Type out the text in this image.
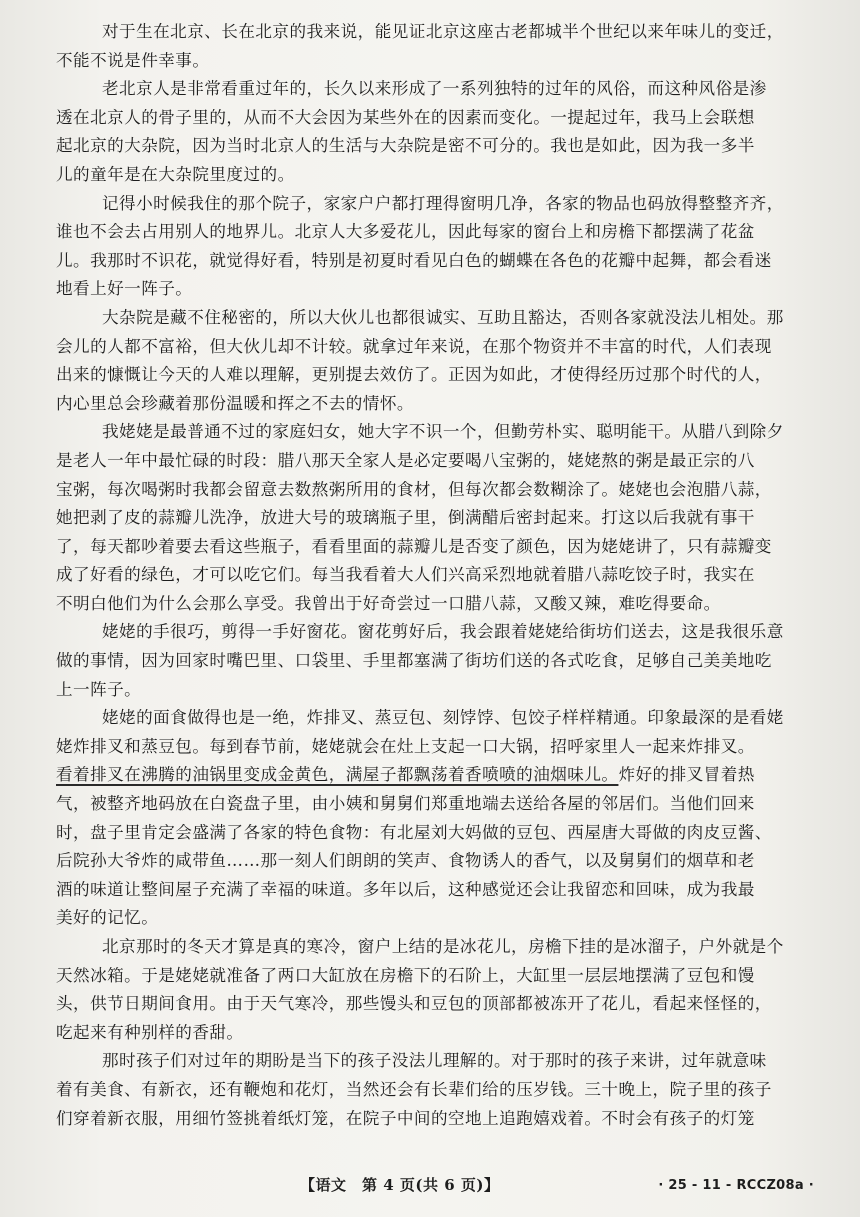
对于生在北京、长在北京的我来说，能见证北京这座古老都城半个世纪以来年味儿的变迁，
不能不说是件幸事。
老北京人是非常看重过年的，长久以来形成了一系列独特的过年的风俗，而这种风俗是渗
透在北京人的骨子里的，从而不大会因为某些外在的因素而变化。一提起过年，我马上会联想
起北京的大杂院，因为当时北京人的生活与大杂院是密不可分的。我也是如此，因为我一多半
儿的童年是在大杂院里度过的。
记得小时候我住的那个院子，家家户户都打理得窗明几净，各家的物品也码放得整整齐齐，
谁也不会去占用别人的地界儿。北京人大多爱花儿，因此每家的窗台上和房檐下都摆满了花盆
儿。我那时不识花，就觉得好看，特别是初夏时看见白色的蝴蝶在各色的花瓣中起舞，都会看迷
地看上好一阵子。
大杂院是藏不住秘密的，所以大伙儿也都很诚实、互助且豁达，否则各家就没法儿相处。那
会儿的人都不富裕，但大伙儿却不计较。就拿过年来说，在那个物资并不丰富的时代，人们表现
出来的慷慨让今天的人难以理解，更别提去效仿了。正因为如此，才使得经历过那个时代的人，
内心里总会珍藏着那份温暖和挥之不去的情怀。
我姥姥是最普通不过的家庭妇女，她大字不识一个，但勤劳朴实、聪明能干。从腊八到除夕
是老人一年中最忙碌的时段：腊八那天全家人是必定要喝八宝粥的，姥姥熬的粥是最正宗的八
宝粥，每次喝粥时我都会留意去数熬粥所用的食材，但每次都会数糊涂了。姥姥也会泡腊八蒜，
她把剥了皮的蒜瓣儿洗净，放进大号的玻璃瓶子里，倒满醋后密封起来。打这以后我就有事干
了，每天都吵着要去看这些瓶子，看看里面的蒜瓣儿是否变了颜色，因为姥姥讲了，只有蒜瓣变
成了好看的绿色，才可以吃它们。每当我看着大人们兴高采烈地就着腊八蒜吃饺子时，我实在
不明白他们为什么会那么享受。我曾出于好奇尝过一口腊八蒜，又酸又辣，难吃得要命。
姥姥的手很巧，剪得一手好窗花。窗花剪好后，我会跟着姥姥给街坊们送去，这是我很乐意
做的事情，因为回家时嘴巴里、口袋里、手里都塞满了街坊们送的各式吃食，足够自己美美地吃
上一阵子。
姥姥的面食做得也是一绝，炸排叉、蒸豆包、刻饽饽、包饺子样样精通。印象最深的是看姥
姥炸排叉和蒸豆包。每到春节前，姥姥就会在灶上支起一口大锅，招呼家里人一起来炸排叉。
看着排叉在沸腾的油锅里变成金黄色，满屋子都飘荡着香喷喷的油烟味儿。炸好的排叉冒着热
气，被整齐地码放在白瓷盘子里，由小姨和舅舅们郑重地端去送给各屋的邻居们。当他们回来
时，盘子里肯定会盛满了各家的特色食物：有北屋刘大妈做的豆包、西屋唐大哥做的肉皮豆酱、
后院孙大爷炸的咸带鱼……那一刻人们朗朗的笑声、食物诱人的香气，以及舅舅们的烟草和老
酒的味道让整间屋子充满了幸福的味道。多年以后，这种感觉还会让我留恋和回味，成为我最
美好的记忆。
北京那时的冬天才算是真的寒冷，窗户上结的是冰花儿，房檐下挂的是冰溜子，户外就是个
天然冰箱。于是姥姥就准备了两口大缸放在房檐下的石阶上，大缸里一层层地摆满了豆包和馒
头，供节日期间食用。由于天气寒冷，那些馒头和豆包的顶部都被冻开了花儿，看起来怪怪的，
吃起来有种别样的香甜。
那时孩子们对过年的期盼是当下的孩子没法儿理解的。对于那时的孩子来讲，过年就意味
着有美食、有新衣，还有鞭炮和花灯，当然还会有长辈们给的压岁钱。三十晚上，院子里的孩子
们穿着新衣服，用细竹签挑着纸灯笼，在院子中间的空地上追跑嬉戏着。不时会有孩子的灯笼
【语文　第 4 页(共 6 页)】	· 25 - 11 - RCCZ08a ·
